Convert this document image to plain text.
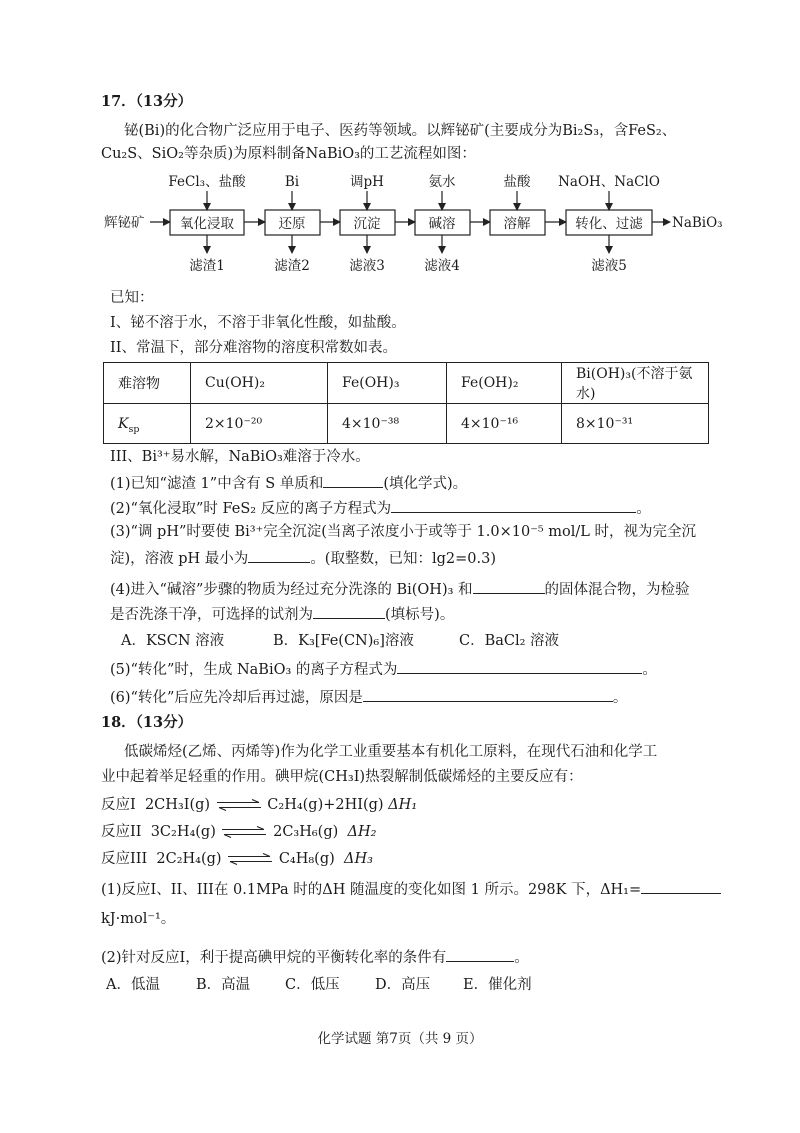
17．（13分）
铋(Bi)的化合物广泛应用于电子、医药等领域。以辉铋矿(主要成分为Bi₂S₃，含FeS₂、
Cu₂S、SiO₂等杂质)为原料制备NaBiO₃的工艺流程如图：
辉铋矿	氧化浸取	还原	沉淀	碱溶	溶解	转化、过滤 NaBiO₃
FeCl₃、盐酸	Bi	调pH	氨水	盐酸 NaOH、NaClO
滤渣1	滤渣2	滤液3	滤液4	滤液5
已知：
I、铋不溶于水，不溶于非氧化性酸，如盐酸。
II、常温下，部分难溶物的溶度积常数如表。
难溶物	Cu(OH)₂	Fe(OH)₃	Fe(OH)₂	Bi(OH)₃(不溶于氨水)
$K_{sp}$	2×10⁻²⁰	4×10⁻³⁸	4×10⁻¹⁶	8×10⁻³¹
III、Bi³⁺易水解，NaBiO₃难溶于冷水。
(1)已知“滤渣 1”中含有 S 单质和	(填化学式)。
(2)“氧化浸取”时 FeS₂ 反应的离子方程式为	。
(3)“调 pH”时要使 Bi³⁺完全沉淀(当离子浓度小于或等于 1.0×10⁻⁵ mol/L 时，视为完全沉
淀)，溶液 pH 最小为	。(取整数，已知：lg2=0.3)
(4)进入“碱溶”步骤的物质为经过充分洗涤的 Bi(OH)₃ 和	的固体混合物，为检验
是否洗涤干净，可选择的试剂为	(填标号)。
A．KSCN 溶液	B．K₃[Fe(CN)₆]溶液	C．BaCl₂ 溶液
(5)“转化”时，生成 NaBiO₃ 的离子方程式为	。
(6)“转化”后应先冷却后再过滤，原因是	。
18．（13分）
低碳烯烃(乙烯、丙烯等)作为化学工业重要基本有机化工原料，在现代石油和化学工
业中起着举足轻重的作用。碘甲烷(CH₃I)热裂解制低碳烯烃的主要反应有：
反应I 2CH₃I(g) ⇌ C₂H₄(g)+2HI(g) ΔH₁
反应II 3C₂H₄(g) ⇌ 2C₃H₆(g) ΔH₂
反应III 2C₂H₄(g) ⇌ C₄H₈(g) ΔH₃
(1)反应I、II、III在 0.1MPa 时的ΔH 随温度的变化如图 1 所示。298K 下，ΔH₁=
kJ·mol⁻¹。
(2)针对反应I，利于提高碘甲烷的平衡转化率的条件有	。
A．低温 B．高温 C．低压 D．高压 E．催化剂
化学试题 第7页（共 9 页）
